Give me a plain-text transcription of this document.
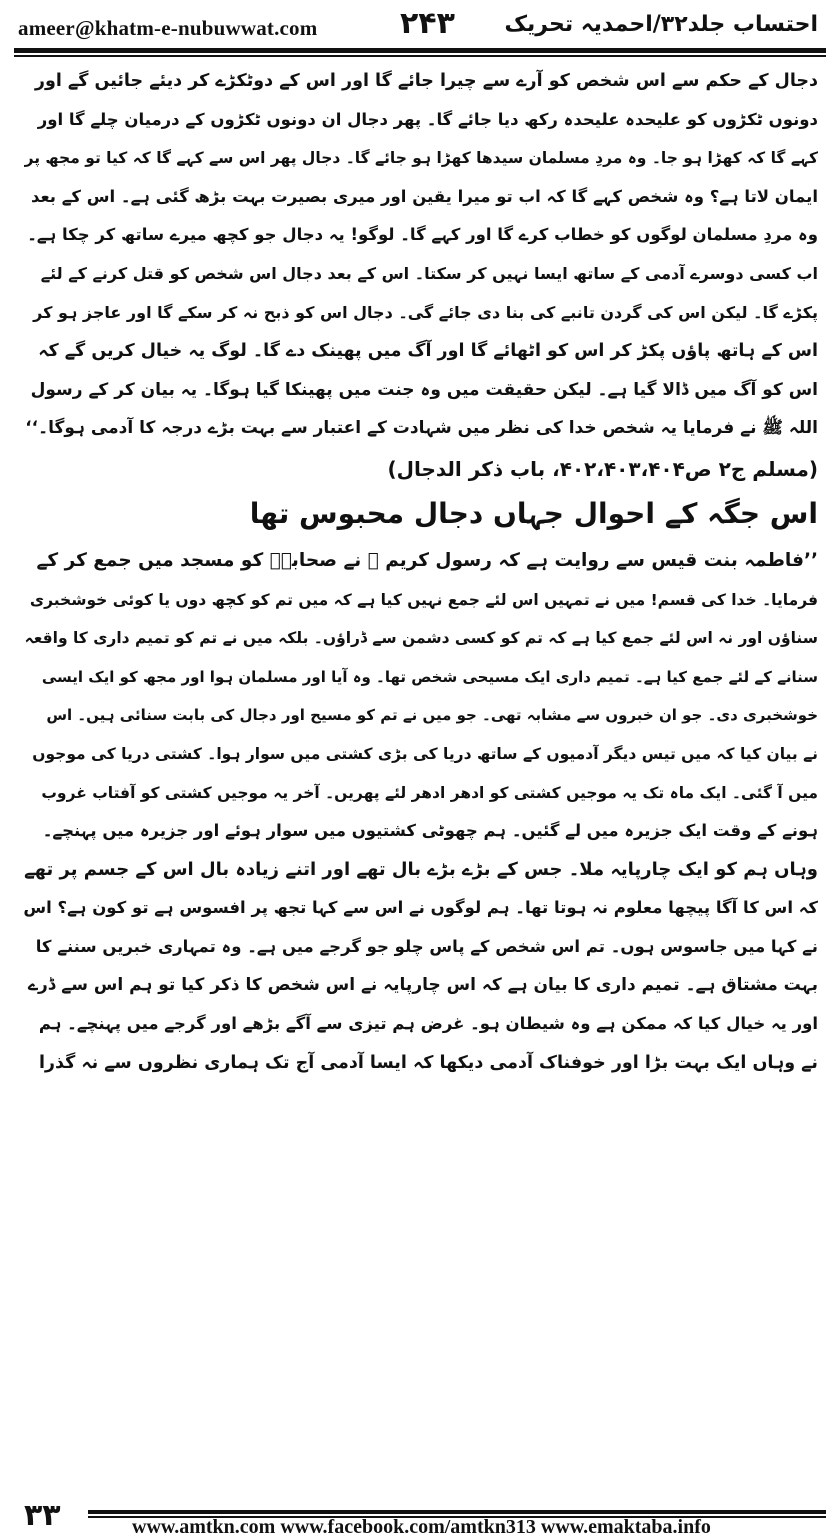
ameer@khatm-e-nubuwwat.com	۲۴۳ احتساب جلد۳۲/احمدیہ تحریک

دجال کے حکم سے اس شخص کو آرے سے چیرا جائے گا اور اس کے دوٹکڑے کر دیئے جائیں گے اور
دونوں ٹکڑوں کو علیحدہ علیحدہ رکھ دیا جائے گا۔ پھر دجال ان دونوں ٹکڑوں کے درمیان چلے گا اور
کہے گا کہ کھڑا ہو جا۔ وہ مردِ مسلمان سیدھا کھڑا ہو جائے گا۔ دجال پھر اس سے کہے گا کہ کیا تو مجھ پر
ایمان لاتا ہے؟ وہ شخص کہے گا کہ اب تو میرا یقین اور میری بصیرت بہت بڑھ گئی ہے۔ اس کے بعد
وہ مردِ مسلمان لوگوں کو خطاب کرے گا اور کہے گا۔ لوگو! یہ دجال جو کچھ میرے ساتھ کر چکا ہے۔
اب کسی دوسرے آدمی کے ساتھ ایسا نہیں کر سکتا۔ اس کے بعد دجال اس شخص کو قتل کرنے کے لئے
پکڑے گا۔ لیکن اس کی گردن تانبے کی بنا دی جائے گی۔ دجال اس کو ذبح نہ کر سکے گا اور عاجز ہو کر
اس کے ہاتھ پاؤں پکڑ کر اس کو اٹھائے گا اور آگ میں پھینک دے گا۔ لوگ یہ خیال کریں گے کہ
اس کو آگ میں ڈالا گیا ہے۔ لیکن حقیقت میں وہ جنت میں پھینکا گیا ہوگا۔ یہ بیان کر کے رسول
اللہ ﷺ نے فرمایا یہ شخص خدا کی نظر میں شہادت کے اعتبار سے بہت بڑے درجہ کا آدمی ہوگا۔‘‘

(مسلم ج۲ ص۴۰۲،۴۰۳،۴۰۴، باب ذکر الدجال)
اس جگہ کے احوال جہاں دجال محبوس تھا

’’فاطمہ بنت قیس سے روایت ہے کہ رسول کریم ﷺ نے صحابہؓ کو مسجد میں جمع کر کے
فرمایا۔ خدا کی قسم! میں نے تمہیں اس لئے جمع نہیں کیا ہے کہ میں تم کو کچھ دوں یا کوئی خوشخبری
سناؤں اور نہ اس لئے جمع کیا ہے کہ تم کو کسی دشمن سے ڈراؤں۔ بلکہ میں نے تم کو تمیم داری کا واقعہ
سنانے کے لئے جمع کیا ہے۔ تمیم داری ایک مسیحی شخص تھا۔ وہ آیا اور مسلمان ہوا اور مجھ کو ایک ایسی
خوشخبری دی۔ جو ان خبروں سے مشابہ تھی۔ جو میں نے تم کو مسیح اور دجال کی بابت سنائی ہیں۔ اس
نے بیان کیا کہ میں تیس دیگر آدمیوں کے ساتھ دریا کی بڑی کشتی میں سوار ہوا۔ کشتی دریا کی موجوں
میں آ گئی۔ ایک ماہ تک یہ موجیں کشتی کو ادھر ادھر لئے پھریں۔ آخر یہ موجیں کشتی کو آفتاب غروب
ہونے کے وقت ایک جزیرہ میں لے گئیں۔ ہم چھوٹی کشتیوں میں سوار ہوئے اور جزیرہ میں پہنچے۔
وہاں ہم کو ایک چارپایہ ملا۔ جس کے بڑے بڑے بال تھے اور اتنے زیادہ بال اس کے جسم پر تھے
کہ اس کا آگا پیچھا معلوم نہ ہوتا تھا۔ ہم لوگوں نے اس سے کہا تجھ پر افسوس ہے تو کون ہے؟ اس
نے کہا میں جاسوس ہوں۔ تم اس شخص کے پاس چلو جو گرجے میں ہے۔ وہ تمہاری خبریں سننے کا
بہت مشتاق ہے۔ تمیم داری کا بیان ہے کہ اس چارپایہ نے اس شخص کا ذکر کیا تو ہم اس سے ڈرے
اور یہ خیال کیا کہ ممکن ہے وہ شیطان ہو۔ غرض ہم تیزی سے آگے بڑھے اور گرجے میں پہنچے۔ ہم
نے وہاں ایک بہت بڑا اور خوفناک آدمی دیکھا کہ ایسا آدمی آج تک ہماری نظروں سے نہ گذرا

۳۳	www.amtkn.com www.facebook.com/amtkn313 www.emaktaba.info
